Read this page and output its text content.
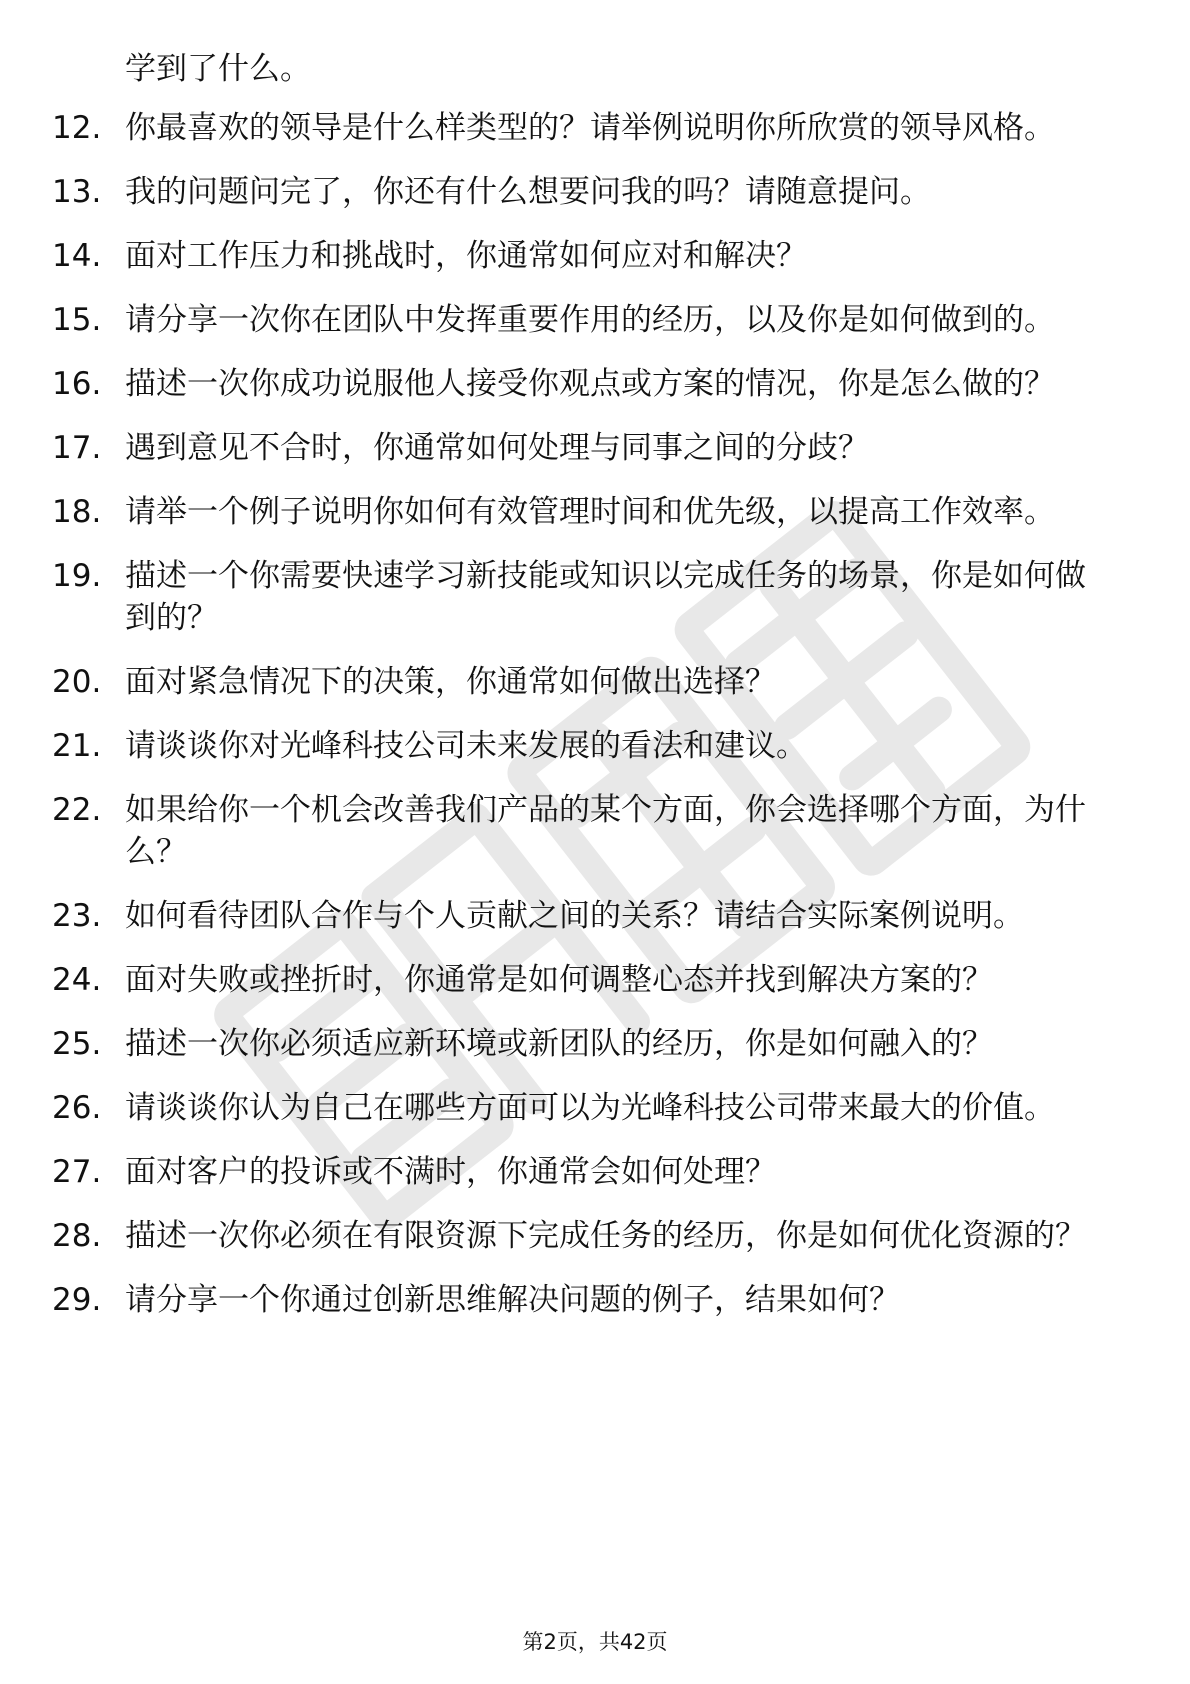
学到了什么。
12. 你最喜欢的领导是什么样类型的？请举例说明你所欣赏的领导风格。
13. 我的问题问完了，你还有什么想要问我的吗？请随意提问。
14. 面对工作压力和挑战时，你通常如何应对和解决？
15. 请分享一次你在团队中发挥重要作用的经历，以及你是如何做到的。
16. 描述一次你成功说服他人接受你观点或方案的情况，你是怎么做的？
17. 遇到意见不合时，你通常如何处理与同事之间的分歧？
18. 请举一个例子说明你如何有效管理时间和优先级，以提高工作效率。
19. 描述一个你需要快速学习新技能或知识以完成任务的场景，你是如何做到的？
20. 面对紧急情况下的决策，你通常如何做出选择？
21. 请谈谈你对光峰科技公司未来发展的看法和建议。
22. 如果给你一个机会改善我们产品的某个方面，你会选择哪个方面，为什么？
23. 如何看待团队合作与个人贡献之间的关系？请结合实际案例说明。
24. 面对失败或挫折时，你通常是如何调整心态并找到解决方案的？
25. 描述一次你必须适应新环境或新团队的经历，你是如何融入的？
26. 请谈谈你认为自己在哪些方面可以为光峰科技公司带来最大的价值。
27. 面对客户的投诉或不满时，你通常会如何处理？
28. 描述一次你必须在有限资源下完成任务的经历，你是如何优化资源的？
29. 请分享一个你通过创新思维解决问题的例子，结果如何？
第2页，共42页
